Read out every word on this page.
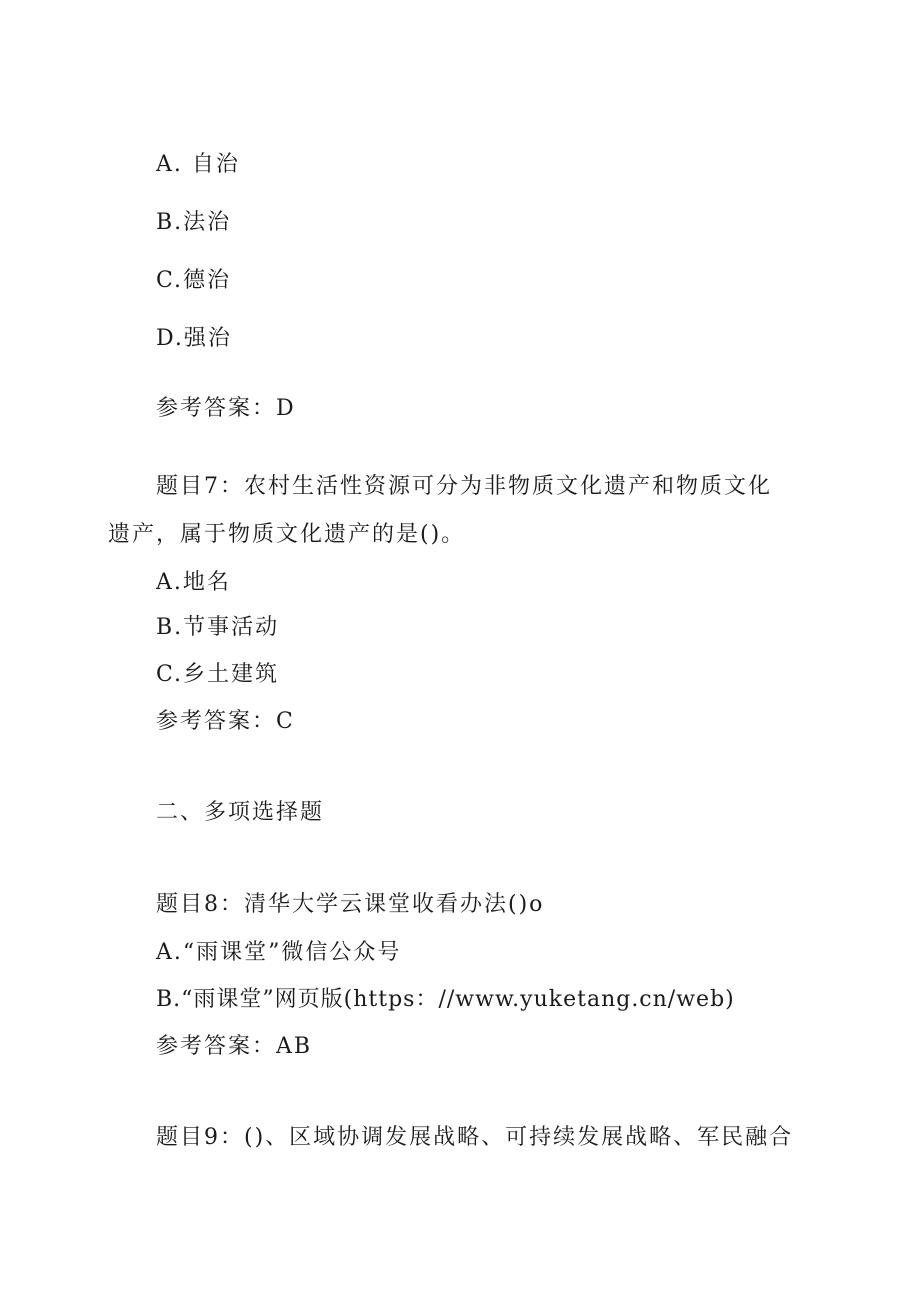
A. 自治
B.法治
C.德治
D.强治
参考答案：D
题目7：农村生活性资源可分为非物质文化遗产和物质文化
遗产，属于物质文化遗产的是()。
A.地名
B.节事活动
C.乡土建筑
参考答案：C
二、多项选择题
题目8：清华大学云课堂收看办法()o
A.“雨课堂”微信公众号
B.“雨课堂”网页版(https：//www.yuketang.cn/web)
参考答案：AB
题目9：()、区域协调发展战略、可持续发展战略、军民融合
